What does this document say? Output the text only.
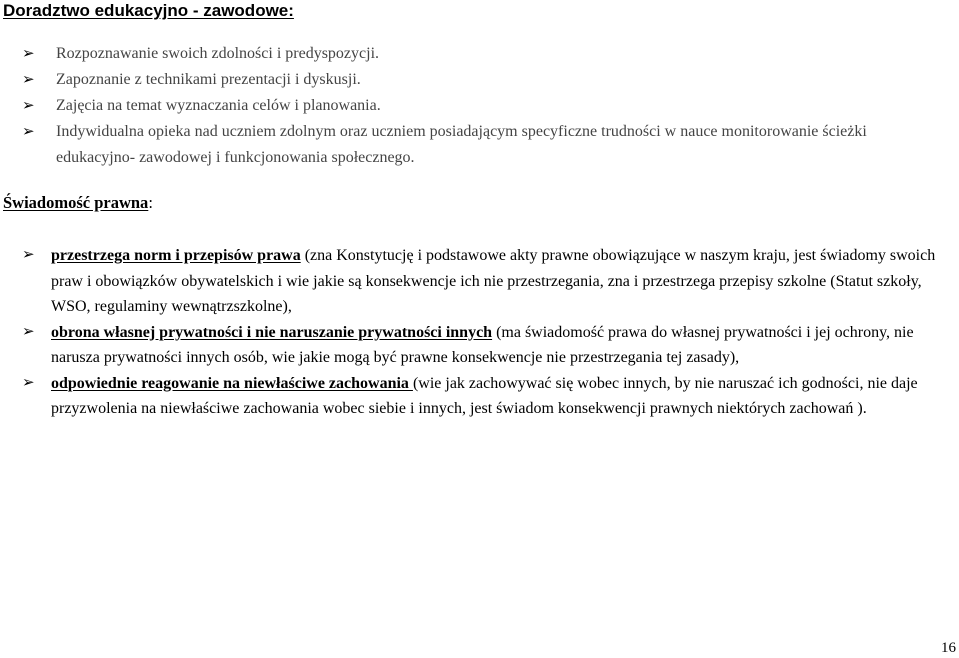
Doradztwo edukacyjno - zawodowe:
➢	Rozpoznawanie swoich zdolności i predyspozycji.
➢	Zapoznanie z technikami prezentacji i dyskusji.
➢	Zajęcia na temat wyznaczania celów i planowania.
➢	Indywidualna opieka nad uczniem zdolnym oraz uczniem posiadającym specyficzne trudności w nauce monitorowanie ścieżki edukacyjno- zawodowej i funkcjonowania społecznego.
Świadomość prawna:
➢	przestrzega norm i przepisów prawa (zna Konstytucję i podstawowe akty prawne obowiązujące w naszym kraju, jest świadomy swoich praw i obowiązków obywatelskich i wie jakie są konsekwencje ich nie przestrzegania, zna i przestrzega przepisy szkolne (Statut szkoły, WSO, regulaminy wewnątrzszkolne),
➢	obrona własnej prywatności i nie naruszanie prywatności innych (ma świadomość prawa do własnej prywatności i jej ochrony, nie narusza prywatności innych osób, wie jakie mogą być prawne konsekwencje nie przestrzegania tej zasady),
➢	odpowiednie reagowanie na niewłaściwe zachowania (wie jak zachowywać się wobec innych, by nie naruszać ich godności, nie daje przyzwolenia na niewłaściwe zachowania wobec siebie i innych, jest świadom konsekwencji prawnych niektórych zachowań ).
16
